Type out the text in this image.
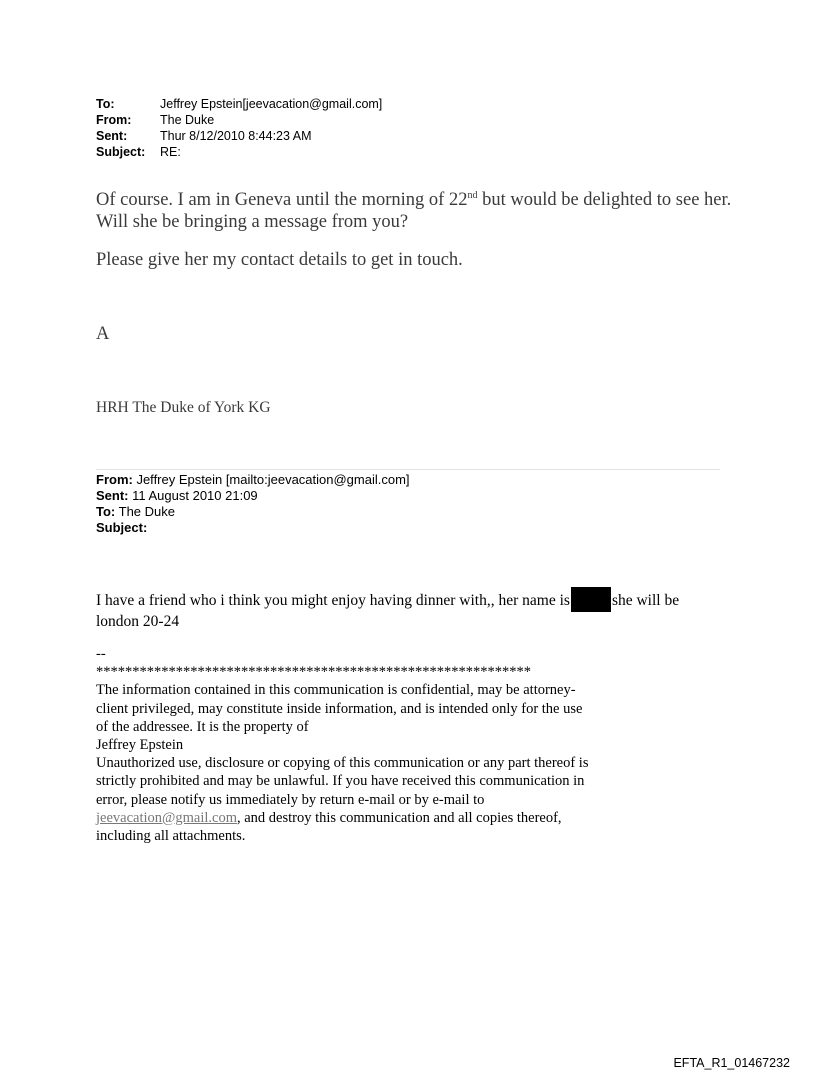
To:	Jeffrey Epstein[jeevacation@gmail.com]
From:	The Duke
Sent:	Thur 8/12/2010 8:44:23 AM
Subject:	RE:
Of course. I am in Geneva until the morning of 22nd but would be delighted to see her. Will she be bringing a message from you?
Please give her my contact details to get in touch.
A
HRH The Duke of York KG
From: Jeffrey Epstein [mailto:jeevacation@gmail.com]
Sent: 11 August 2010 21:09
To: The Duke
Subject:
I have a friend who i think you might enjoy having dinner with,, her name is	she will be london 20-24
--
************************************************************
The information contained in this communication is confidential, may be attorney-client privileged, may constitute inside information, and is intended only for the use of the addressee. It is the property of
Jeffrey Epstein
Unauthorized use, disclosure or copying of this communication or any part thereof is strictly prohibited and may be unlawful. If you have received this communication in error, please notify us immediately by return e-mail or by e-mail to jeevacation@gmail.com, and destroy this communication and all copies thereof, including all attachments.
EFTA_R1_01467232
